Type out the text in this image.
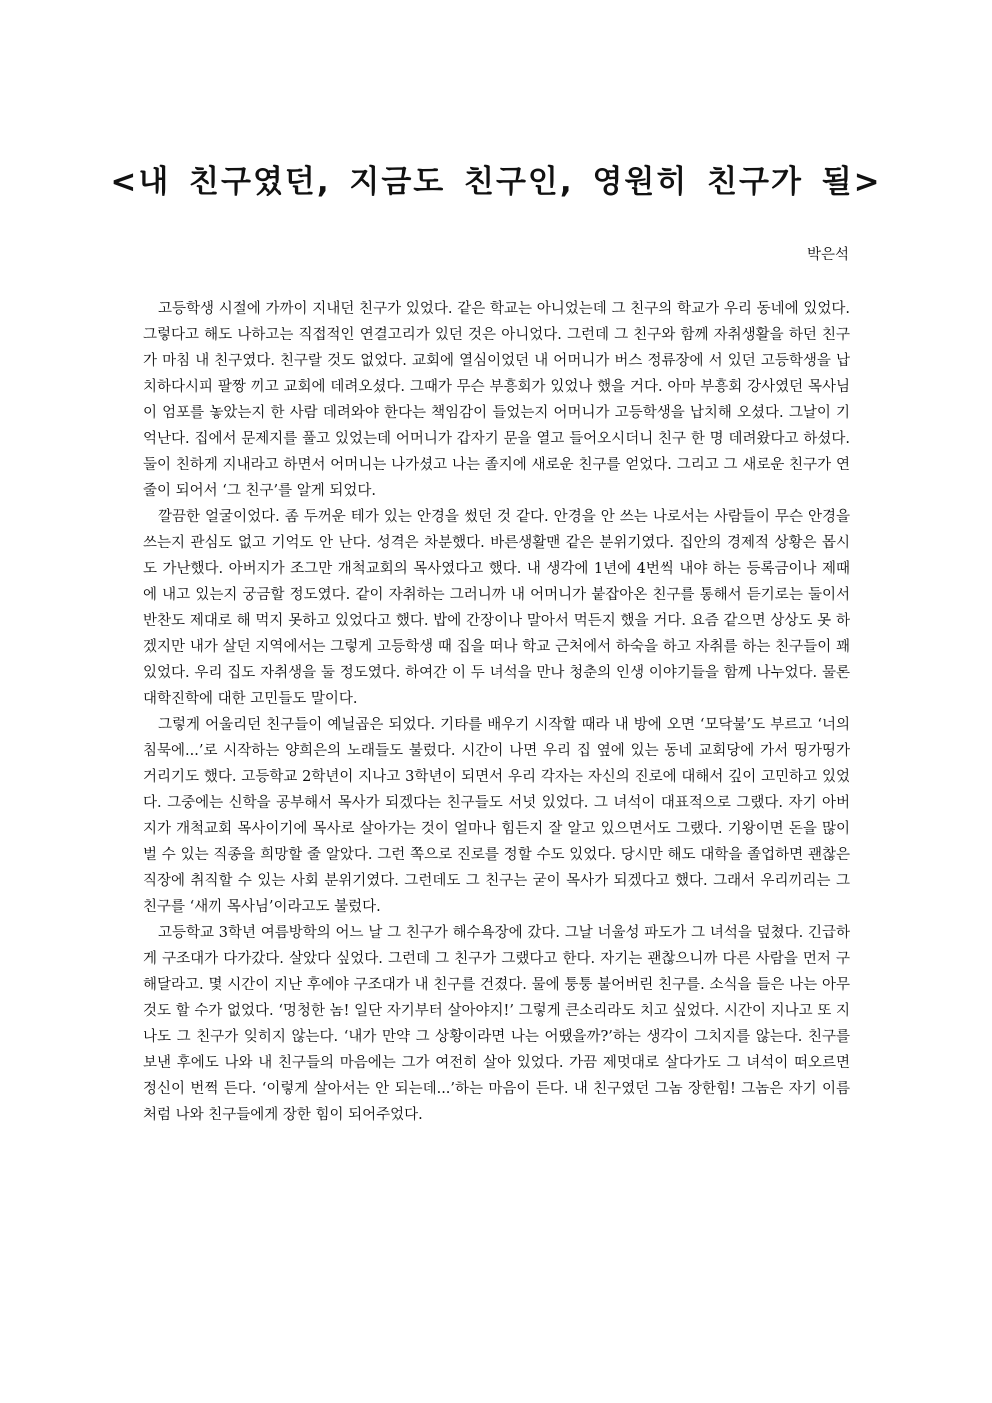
<내 친구였던, 지금도 친구인, 영원히 친구가 될>

박은석

고등학생 시절에 가까이 지내던 친구가 있었다. 같은 학교는 아니었는데 그 친구의 학교가 우리 동네에 있었다. 그렇다고 해도 나하고는 직접적인 연결고리가 있던 것은 아니었다. 그런데 그 친구와 함께 자취생활을 하던 친구가 마침 내 친구였다. 친구랄 것도 없었다. 교회에 열심이었던 내 어머니가 버스 정류장에 서 있던 고등학생을 납치하다시피 팔짱 끼고 교회에 데려오셨다. 그때가 무슨 부흥회가 있었나 했을 거다. 아마 부흥회 강사였던 목사님이 엄포를 놓았는지 한 사람 데려와야 한다는 책임감이 들었는지 어머니가 고등학생을 납치해 오셨다. 그날이 기억난다. 집에서 문제지를 풀고 있었는데 어머니가 갑자기 문을 열고 들어오시더니 친구 한 명 데려왔다고 하셨다. 둘이 친하게 지내라고 하면서 어머니는 나가셨고 나는 졸지에 새로운 친구를 얻었다. 그리고 그 새로운 친구가 연줄이 되어서 ‘그 친구’를 알게 되었다.

깔끔한 얼굴이었다. 좀 두꺼운 테가 있는 안경을 썼던 것 같다. 안경을 안 쓰는 나로서는 사람들이 무슨 안경을 쓰는지 관심도 없고 기억도 안 난다. 성격은 차분했다. 바른생활맨 같은 분위기였다. 집안의 경제적 상황은 몹시도 가난했다. 아버지가 조그만 개척교회의 목사였다고 했다. 내 생각에 1년에 4번씩 내야 하는 등록금이나 제때에 내고 있는지 궁금할 정도였다. 같이 자취하는 그러니까 내 어머니가 붙잡아온 친구를 통해서 듣기로는 둘이서 반찬도 제대로 해 먹지 못하고 있었다고 했다. 밥에 간장이나 말아서 먹든지 했을 거다. 요즘 같으면 상상도 못 하겠지만 내가 살던 지역에서는 그렇게 고등학생 때 집을 떠나 학교 근처에서 하숙을 하고 자취를 하는 친구들이 꽤 있었다. 우리 집도 자취생을 둘 정도였다. 하여간 이 두 녀석을 만나 청춘의 인생 이야기들을 함께 나누었다. 물론 대학진학에 대한 고민들도 말이다.

그렇게 어울리던 친구들이 예닐곱은 되었다. 기타를 배우기 시작할 때라 내 방에 오면 ‘모닥불’도 부르고 ‘너의 침묵에...’로 시작하는 양희은의 노래들도 불렀다. 시간이 나면 우리 집 옆에 있는 동네 교회당에 가서 띵가띵가 거리기도 했다. 고등학교 2학년이 지나고 3학년이 되면서 우리 각자는 자신의 진로에 대해서 깊이 고민하고 있었다. 그중에는 신학을 공부해서 목사가 되겠다는 친구들도 서넛 있었다. 그 녀석이 대표적으로 그랬다. 자기 아버지가 개척교회 목사이기에 목사로 살아가는 것이 얼마나 힘든지 잘 알고 있으면서도 그랬다. 기왕이면 돈을 많이 벌 수 있는 직종을 희망할 줄 알았다. 그런 쪽으로 진로를 정할 수도 있었다. 당시만 해도 대학을 졸업하면 괜찮은 직장에 취직할 수 있는 사회 분위기였다. 그런데도 그 친구는 굳이 목사가 되겠다고 했다. 그래서 우리끼리는 그 친구를 ‘새끼 목사님’이라고도 불렀다.

고등학교 3학년 여름방학의 어느 날 그 친구가 해수욕장에 갔다. 그날 너울성 파도가 그 녀석을 덮쳤다. 긴급하게 구조대가 다가갔다. 살았다 싶었다. 그런데 그 친구가 그랬다고 한다. 자기는 괜찮으니까 다른 사람을 먼저 구해달라고. 몇 시간이 지난 후에야 구조대가 내 친구를 건졌다. 물에 퉁퉁 불어버린 친구를. 소식을 들은 나는 아무것도 할 수가 없었다. ‘멍청한 놈! 일단 자기부터 살아야지!’ 그렇게 큰소리라도 치고 싶었다. 시간이 지나고 또 지나도 그 친구가 잊히지 않는다. ‘내가 만약 그 상황이라면 나는 어땠을까?’하는 생각이 그치지를 않는다. 친구를 보낸 후에도 나와 내 친구들의 마음에는 그가 여전히 살아 있었다. 가끔 제멋대로 살다가도 그 녀석이 떠오르면 정신이 번쩍 든다. ‘이렇게 살아서는 안 되는데...’하는 마음이 든다. 내 친구였던 그놈 장한힘! 그놈은 자기 이름처럼 나와 친구들에게 장한 힘이 되어주었다.
